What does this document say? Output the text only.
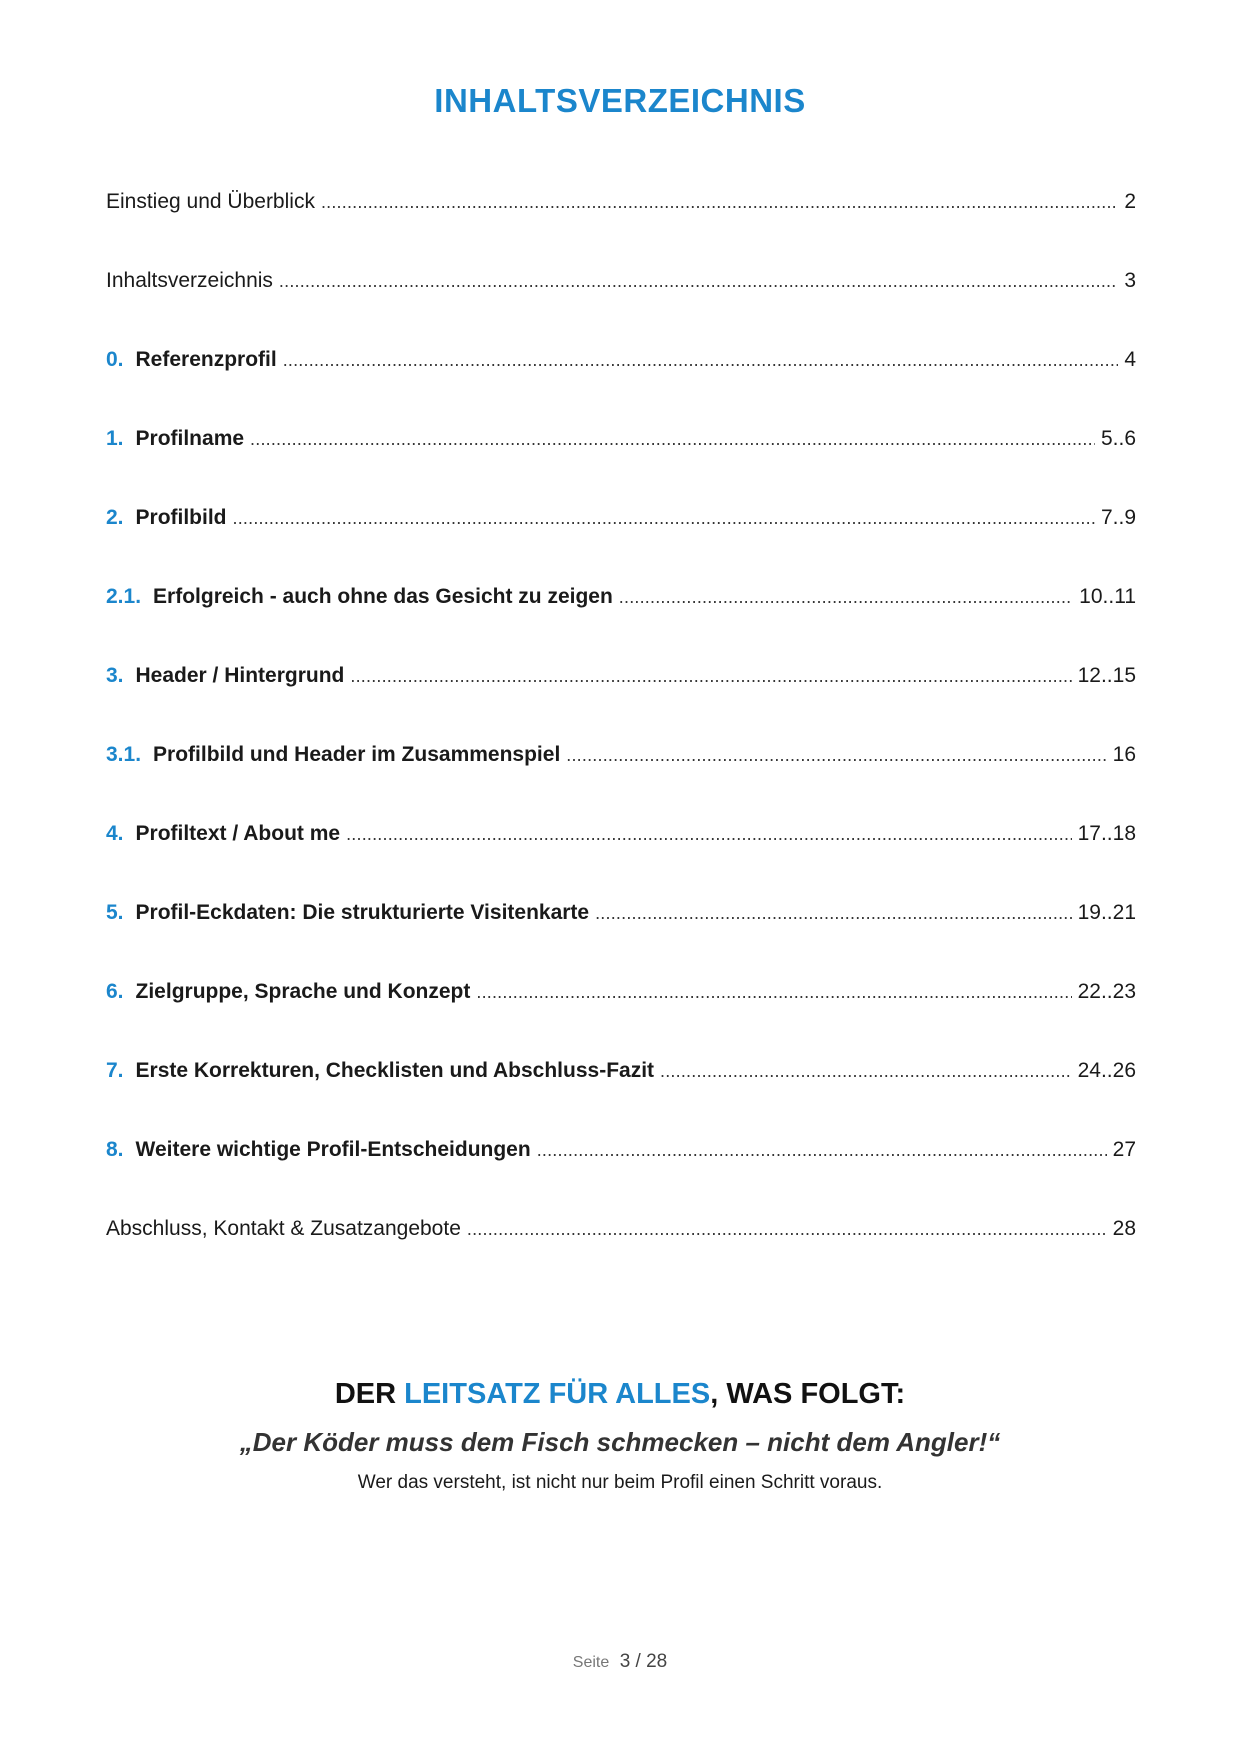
INHALTSVERZEICHNIS
Einstieg und Überblick . . .	2
Inhaltsverzeichnis . . .	3
0. Referenzprofil . . .	4
1. Profilname . . .	5..6
2. Profilbild . . .	7..9
2.1. Erfolgreich - auch ohne das Gesicht zu zeigen . . .	10..11
3. Header / Hintergrund . . .	12..15
3.1. Profilbild und Header im Zusammenspiel . . .	16
4. Profiltext / About me . . .	17..18
5. Profil-Eckdaten: Die strukturierte Visitenkarte . . .	19..21
6. Zielgruppe, Sprache und Konzept . . .	22..23
7. Erste Korrekturen, Checklisten und Abschluss-Fazit . . .	24..26
8. Weitere wichtige Profil-Entscheidungen . . .	27
Abschluss, Kontakt & Zusatzangebote . . .	28
DER LEITSATZ FÜR ALLES, WAS FOLGT:

„Der Köder muss dem Fisch schmecken – nicht dem Angler!“

Wer das versteht, ist nicht nur beim Profil einen Schritt voraus.

Seite 3 / 28
